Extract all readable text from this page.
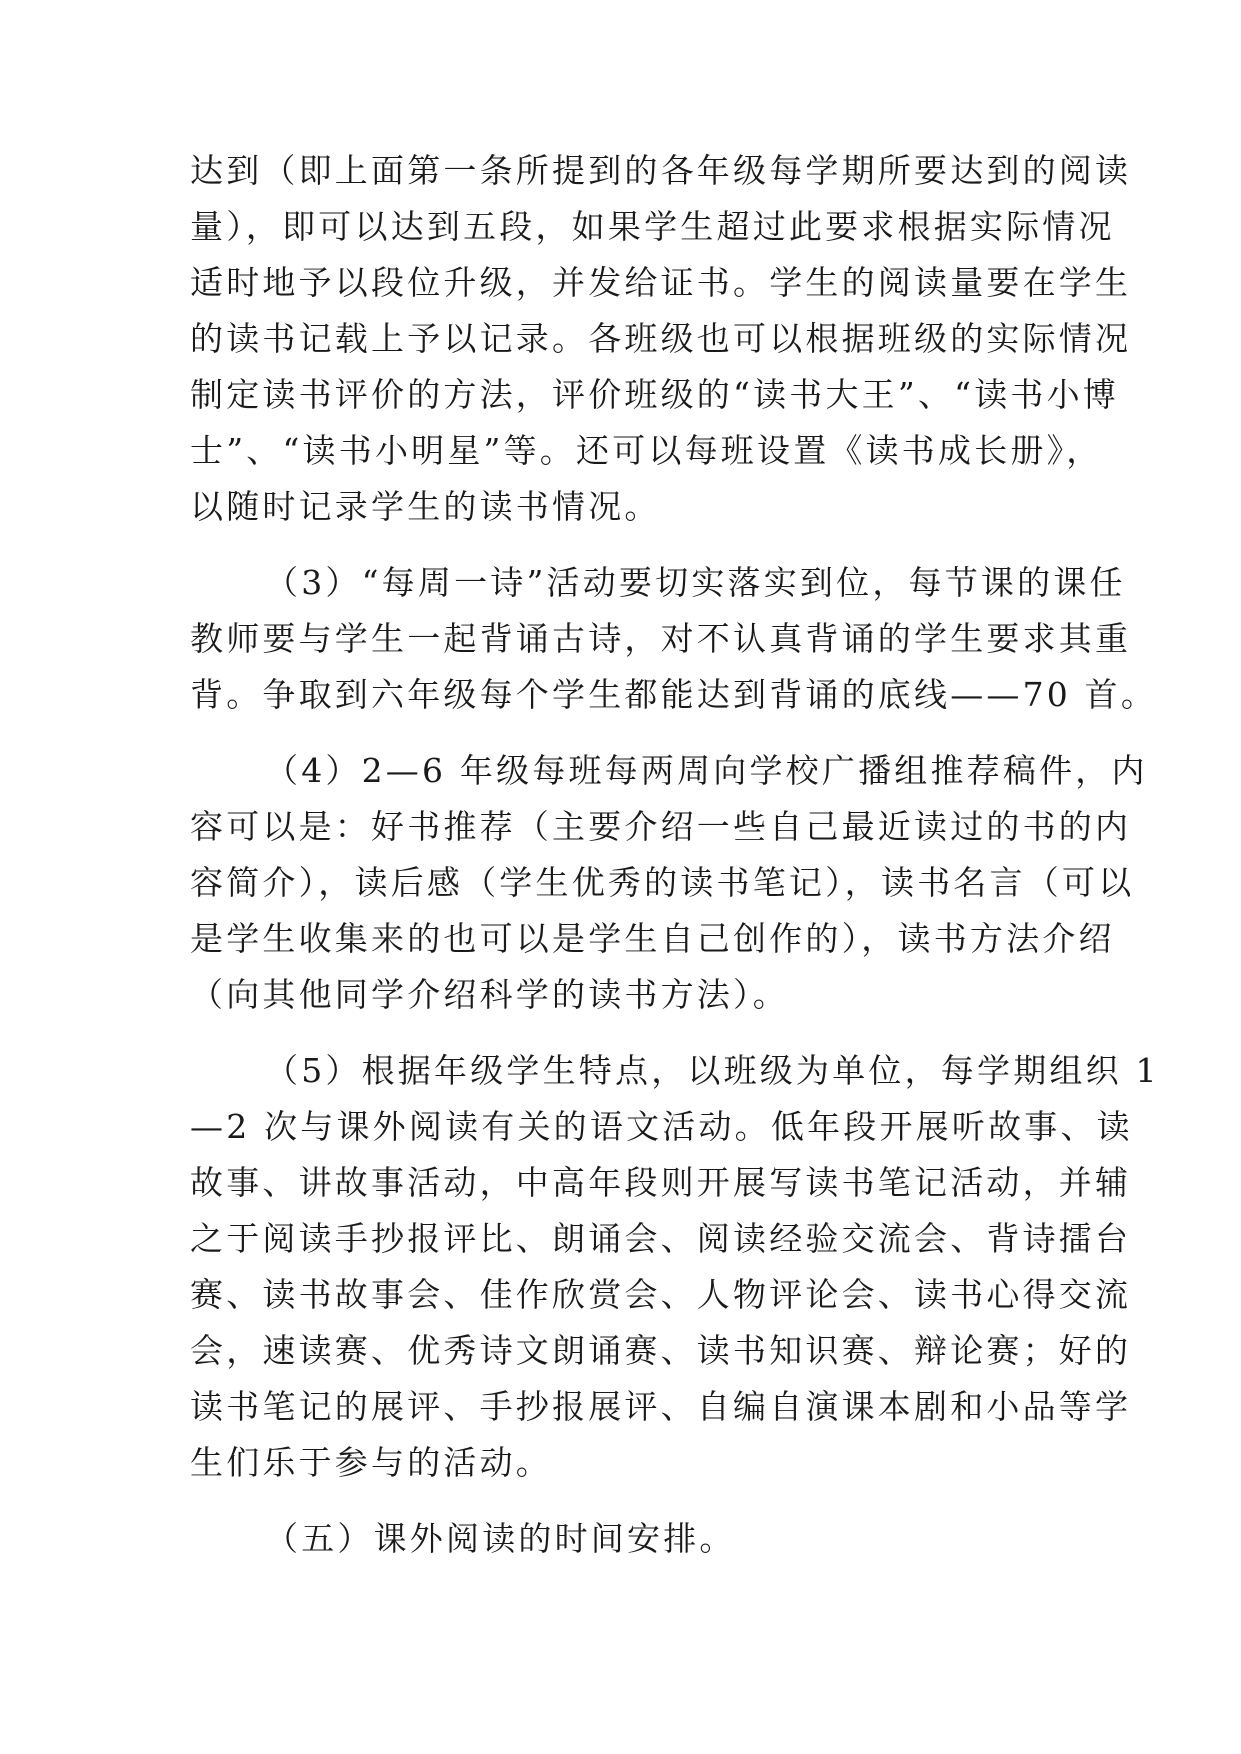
达到（即上面第一条所提到的各年级每学期所要达到的阅读
量），即可以达到五段，如果学生超过此要求根据实际情况
适时地予以段位升级，并发给证书。学生的阅读量要在学生
的读书记载上予以记录。各班级也可以根据班级的实际情况
制定读书评价的方法，评价班级的“读书大王”、“读书小博
士”、“读书小明星”等。还可以每班设置《读书成长册》，
以随时记录学生的读书情况。
（3）“每周一诗”活动要切实落实到位，每节课的课任
教师要与学生一起背诵古诗，对不认真背诵的学生要求其重
背。争取到六年级每个学生都能达到背诵的底线——70 首。
（4）2—6 年级每班每两周向学校广播组推荐稿件，内
容可以是：好书推荐（主要介绍一些自己最近读过的书的内
容简介），读后感（学生优秀的读书笔记），读书名言（可以
是学生收集来的也可以是学生自己创作的），读书方法介绍
（向其他同学介绍科学的读书方法）。
（5）根据年级学生特点，以班级为单位，每学期组织 1
—2 次与课外阅读有关的语文活动。低年段开展听故事、读
故事、讲故事活动，中高年段则开展写读书笔记活动，并辅
之于阅读手抄报评比、朗诵会、阅读经验交流会、背诗擂台
赛、读书故事会、佳作欣赏会、人物评论会、读书心得交流
会，速读赛、优秀诗文朗诵赛、读书知识赛、辩论赛；好的
读书笔记的展评、手抄报展评、自编自演课本剧和小品等学
生们乐于参与的活动。
（五）课外阅读的时间安排。
